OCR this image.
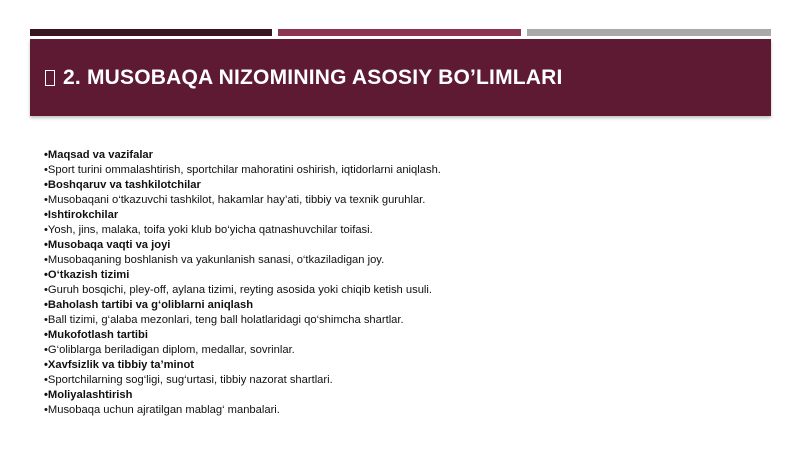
2. MUSOBAQA NIZOMINING ASOSIY BO’LIMLARI
•Maqsad va vazifalar
•Sport turini ommalashtirish, sportchilar mahoratini oshirish, iqtidorlarni aniqlash.
•Boshqaruv va tashkilotchilar
•Musobaqani o‘tkazuvchi tashkilot, hakamlar hay’ati, tibbiy va texnik guruhlar.
•Ishtirokchilar
•Yosh, jins, malaka, toifa yoki klub bo‘yicha qatnashuvchilar toifasi.
•Musobaqa vaqti va joyi
•Musobaqaning boshlanish va yakunlanish sanasi, o‘tkaziladigan joy.
•O‘tkazish tizimi
•Guruh bosqichi, pley-off, aylana tizimi, reyting asosida yoki chiqib ketish usuli.
•Baholash tartibi va g‘oliblarni aniqlash
•Ball tizimi, g‘alaba mezonlari, teng ball holatlaridagi qo‘shimcha shartlar.
•Mukofotlash tartibi
•G‘oliblarga beriladigan diplom, medallar, sovrinlar.
•Xavfsizlik va tibbiy ta’minot
•Sportchilarning sog‘ligi, sug‘urtasi, tibbiy nazorat shartlari.
•Moliyalashtirish
•Musobaqa uchun ajratilgan mablag‘ manbalari.
